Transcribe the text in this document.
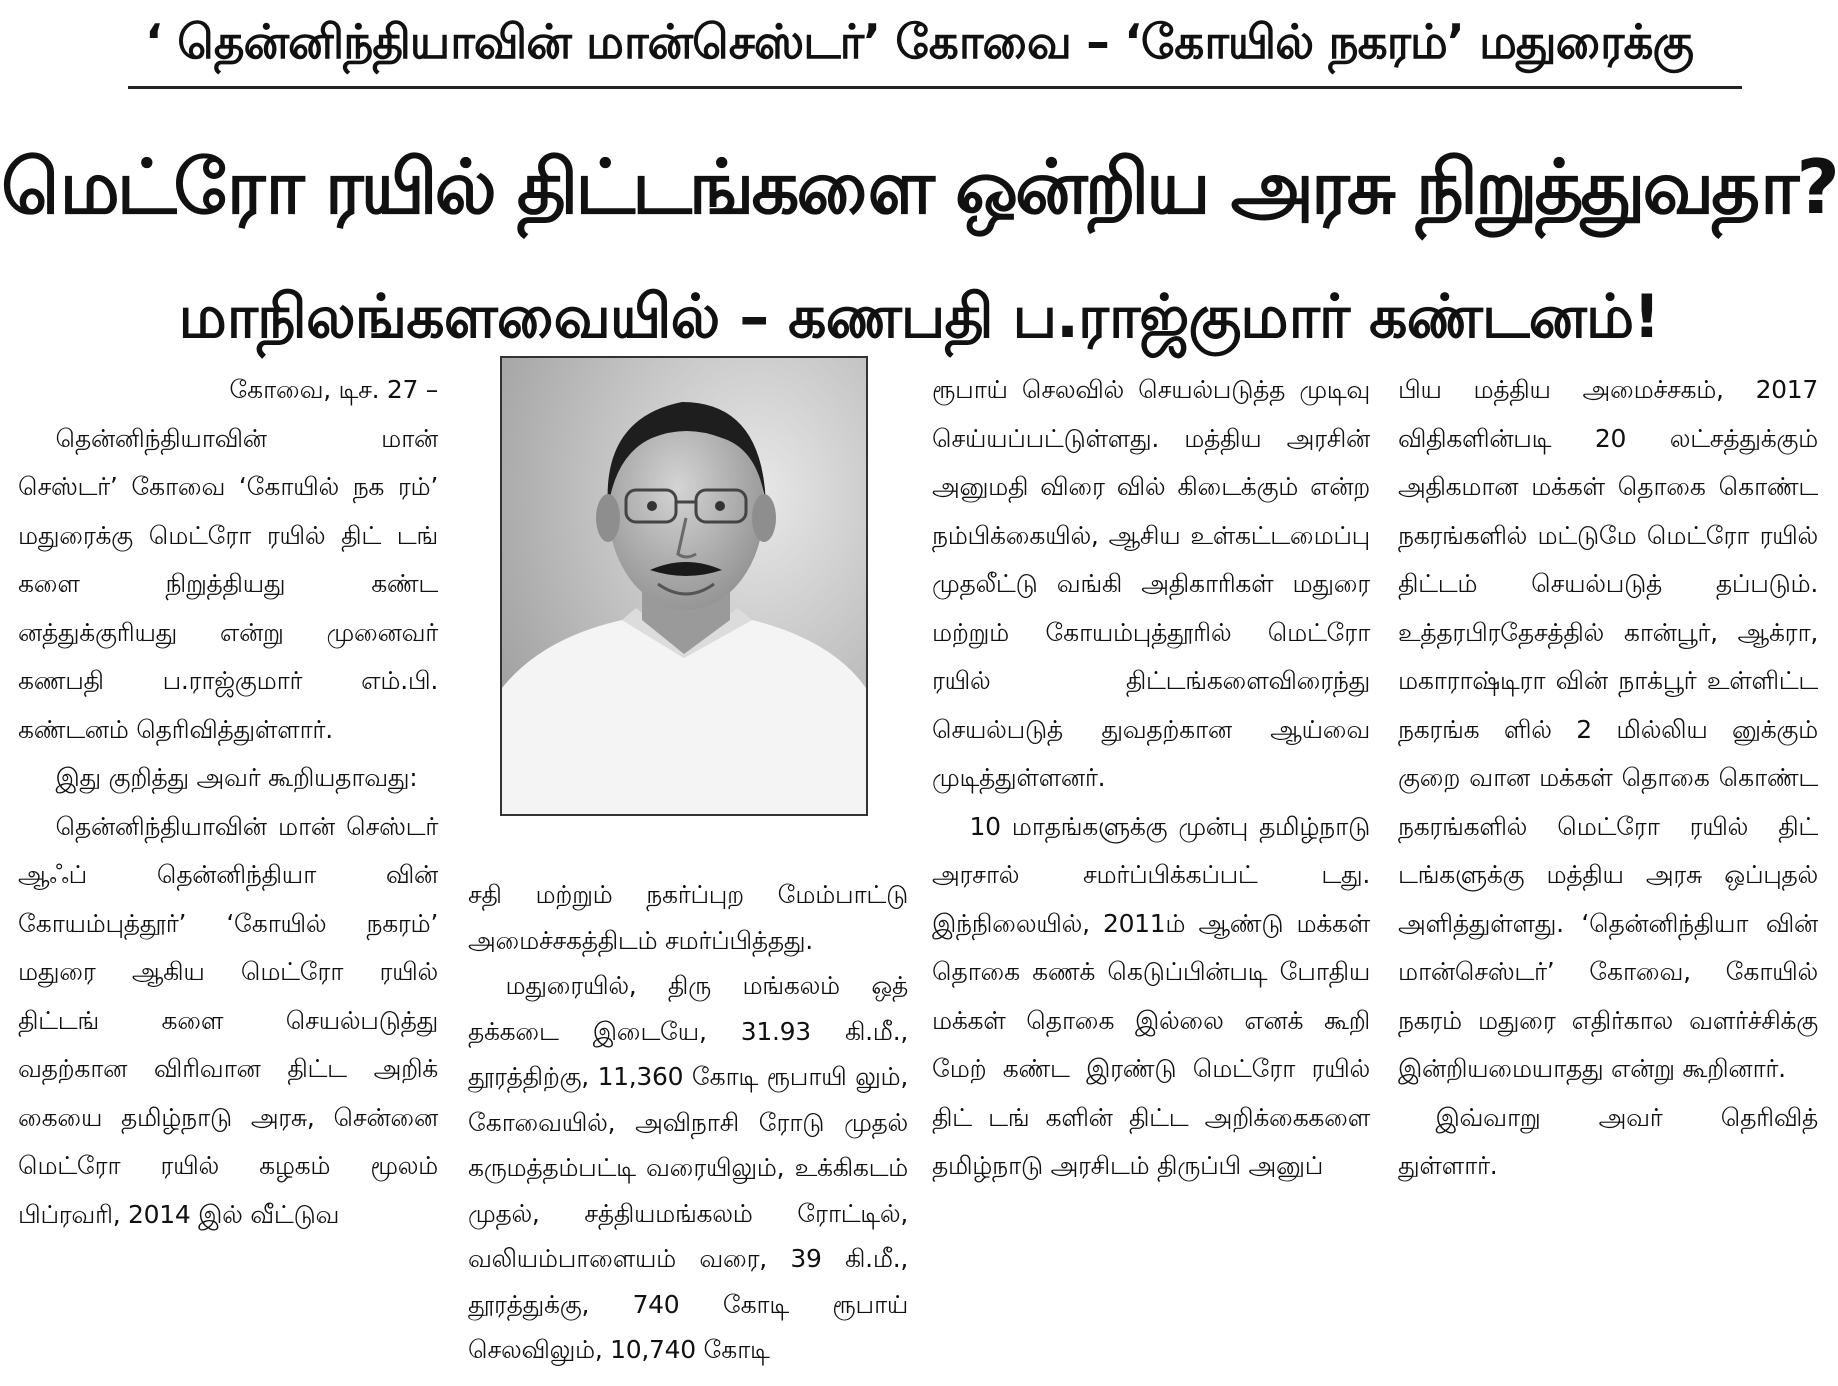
‘ தென்னிந்தியாவின் மான்செஸ்டர்’ கோவை – ‘கோயில் நகரம்’ மதுரைக்கு
மெட்ரோ ரயில் திட்டங்களை ஒன்றிய அரசு நிறுத்துவதா?
மாநிலங்களவையில் – கணபதி ப.ராஜ்குமார் கண்டனம்!

கோவை, டிச. 27 –

தென்னிந்தியாவின் மான் செஸ்டர்’ கோவை ‘கோயில் நக ரம்’ மதுரைக்கு மெட்ரோ ரயில் திட் டங் களை நிறுத்தியது கண்ட னத்துக்குரியது என்று முனைவர் கணபதி ப.ராஜ்குமார் எம்.பி. கண்டனம் தெரிவித்துள்ளார்.

இது குறித்து அவர் கூறியதாவது:

தென்னிந்தியாவின் மான் செஸ்டர் ஆஃப் தென்னிந்தியா வின் கோயம்புத்தூர்’ ‘கோயில் நகரம்’ மதுரை ஆகிய மெட்ரோ ரயில் திட்டங் களை செயல்படுத்து வதற்கான விரிவான திட்ட அறிக் கையை தமிழ்நாடு அரசு, சென்னை மெட்ரோ ரயில் கழகம் மூலம் பிப்ரவரி, 2014 இல் வீட்டுவ

சதி மற்றும் நகர்ப்புற மேம்பாட்டு அமைச்சகத்திடம் சமர்ப்பித்தது.

மதுரையில், திரு மங்கலம் ஒத் தக்கடை இடையே, 31.93 கி.மீ., தூரத்திற்கு, 11,360 கோடி ரூபாயி லும், கோவையில், அவிநாசி ரோடு முதல் கருமத்தம்பட்டி வரையிலும், உக்கிகடம் முதல், சத்தியமங்கலம் ரோட்டில், வலியம்பாளையம் வரை, 39 கி.மீ., தூரத்துக்கு, 740 கோடி ரூபாய் செலவிலும், 10,740 கோடி

ரூபாய் செலவில் செயல்படுத்த முடிவு செய்யப்பட்டுள்ளது. மத்திய அரசின் அனுமதி விரை வில் கிடைக்கும் என்ற நம்பிக்கையில், ஆசிய உள்கட்டமைப்பு முதலீட்டு வங்கி அதிகாரிகள் மதுரை மற்றும் கோயம்புத்தூரில் மெட்ரோ ரயில் திட்டங்களைவிரைந்து செயல்படுத் துவதற்கான ஆய்வை முடித்துள்ளனர்.

10 மாதங்களுக்கு முன்பு தமிழ்நாடு அரசால் சமர்ப்பிக்கப்பட் டது. இந்நிலையில், 2011ம் ஆண்டு மக்கள் தொகை கணக் கெடுப்பின்படி போதிய மக்கள் தொகை இல்லை எனக் கூறி மேற் கண்ட இரண்டு மெட்ரோ ரயில் திட் டங் களின் திட்ட அறிக்கைகளை தமிழ்நாடு அரசிடம் திருப்பி அனுப்

பிய மத்திய அமைச்சகம், 2017 விதிகளின்படி 20 லட்சத்துக்கும் அதிகமான மக்கள் தொகை கொண்ட நகரங்களில் மட்டுமே மெட்ரோ ரயில் திட்டம் செயல்படுத் தப்படும். உத்தரபிரதேசத்தில் கான்பூர், ஆக்ரா, மகாராஷ்டிரா வின் நாக்பூர் உள்ளிட்ட நகரங்க ளில் 2 மில்லிய னுக்கும் குறை வான மக்கள் தொகை கொண்ட நகரங்களில் மெட்ரோ ரயில் திட் டங்களுக்கு மத்திய அரசு ஒப்புதல் அளித்துள்ளது. ‘தென்னிந்தியா வின் மான்செஸ்டர்’ கோவை, கோயில் நகரம் மதுரை எதிர்கால வளர்ச்சிக்கு இன்றியமையாதது என்று கூறினார்.

இவ்வாறு அவர் தெரிவித் துள்ளார்.
